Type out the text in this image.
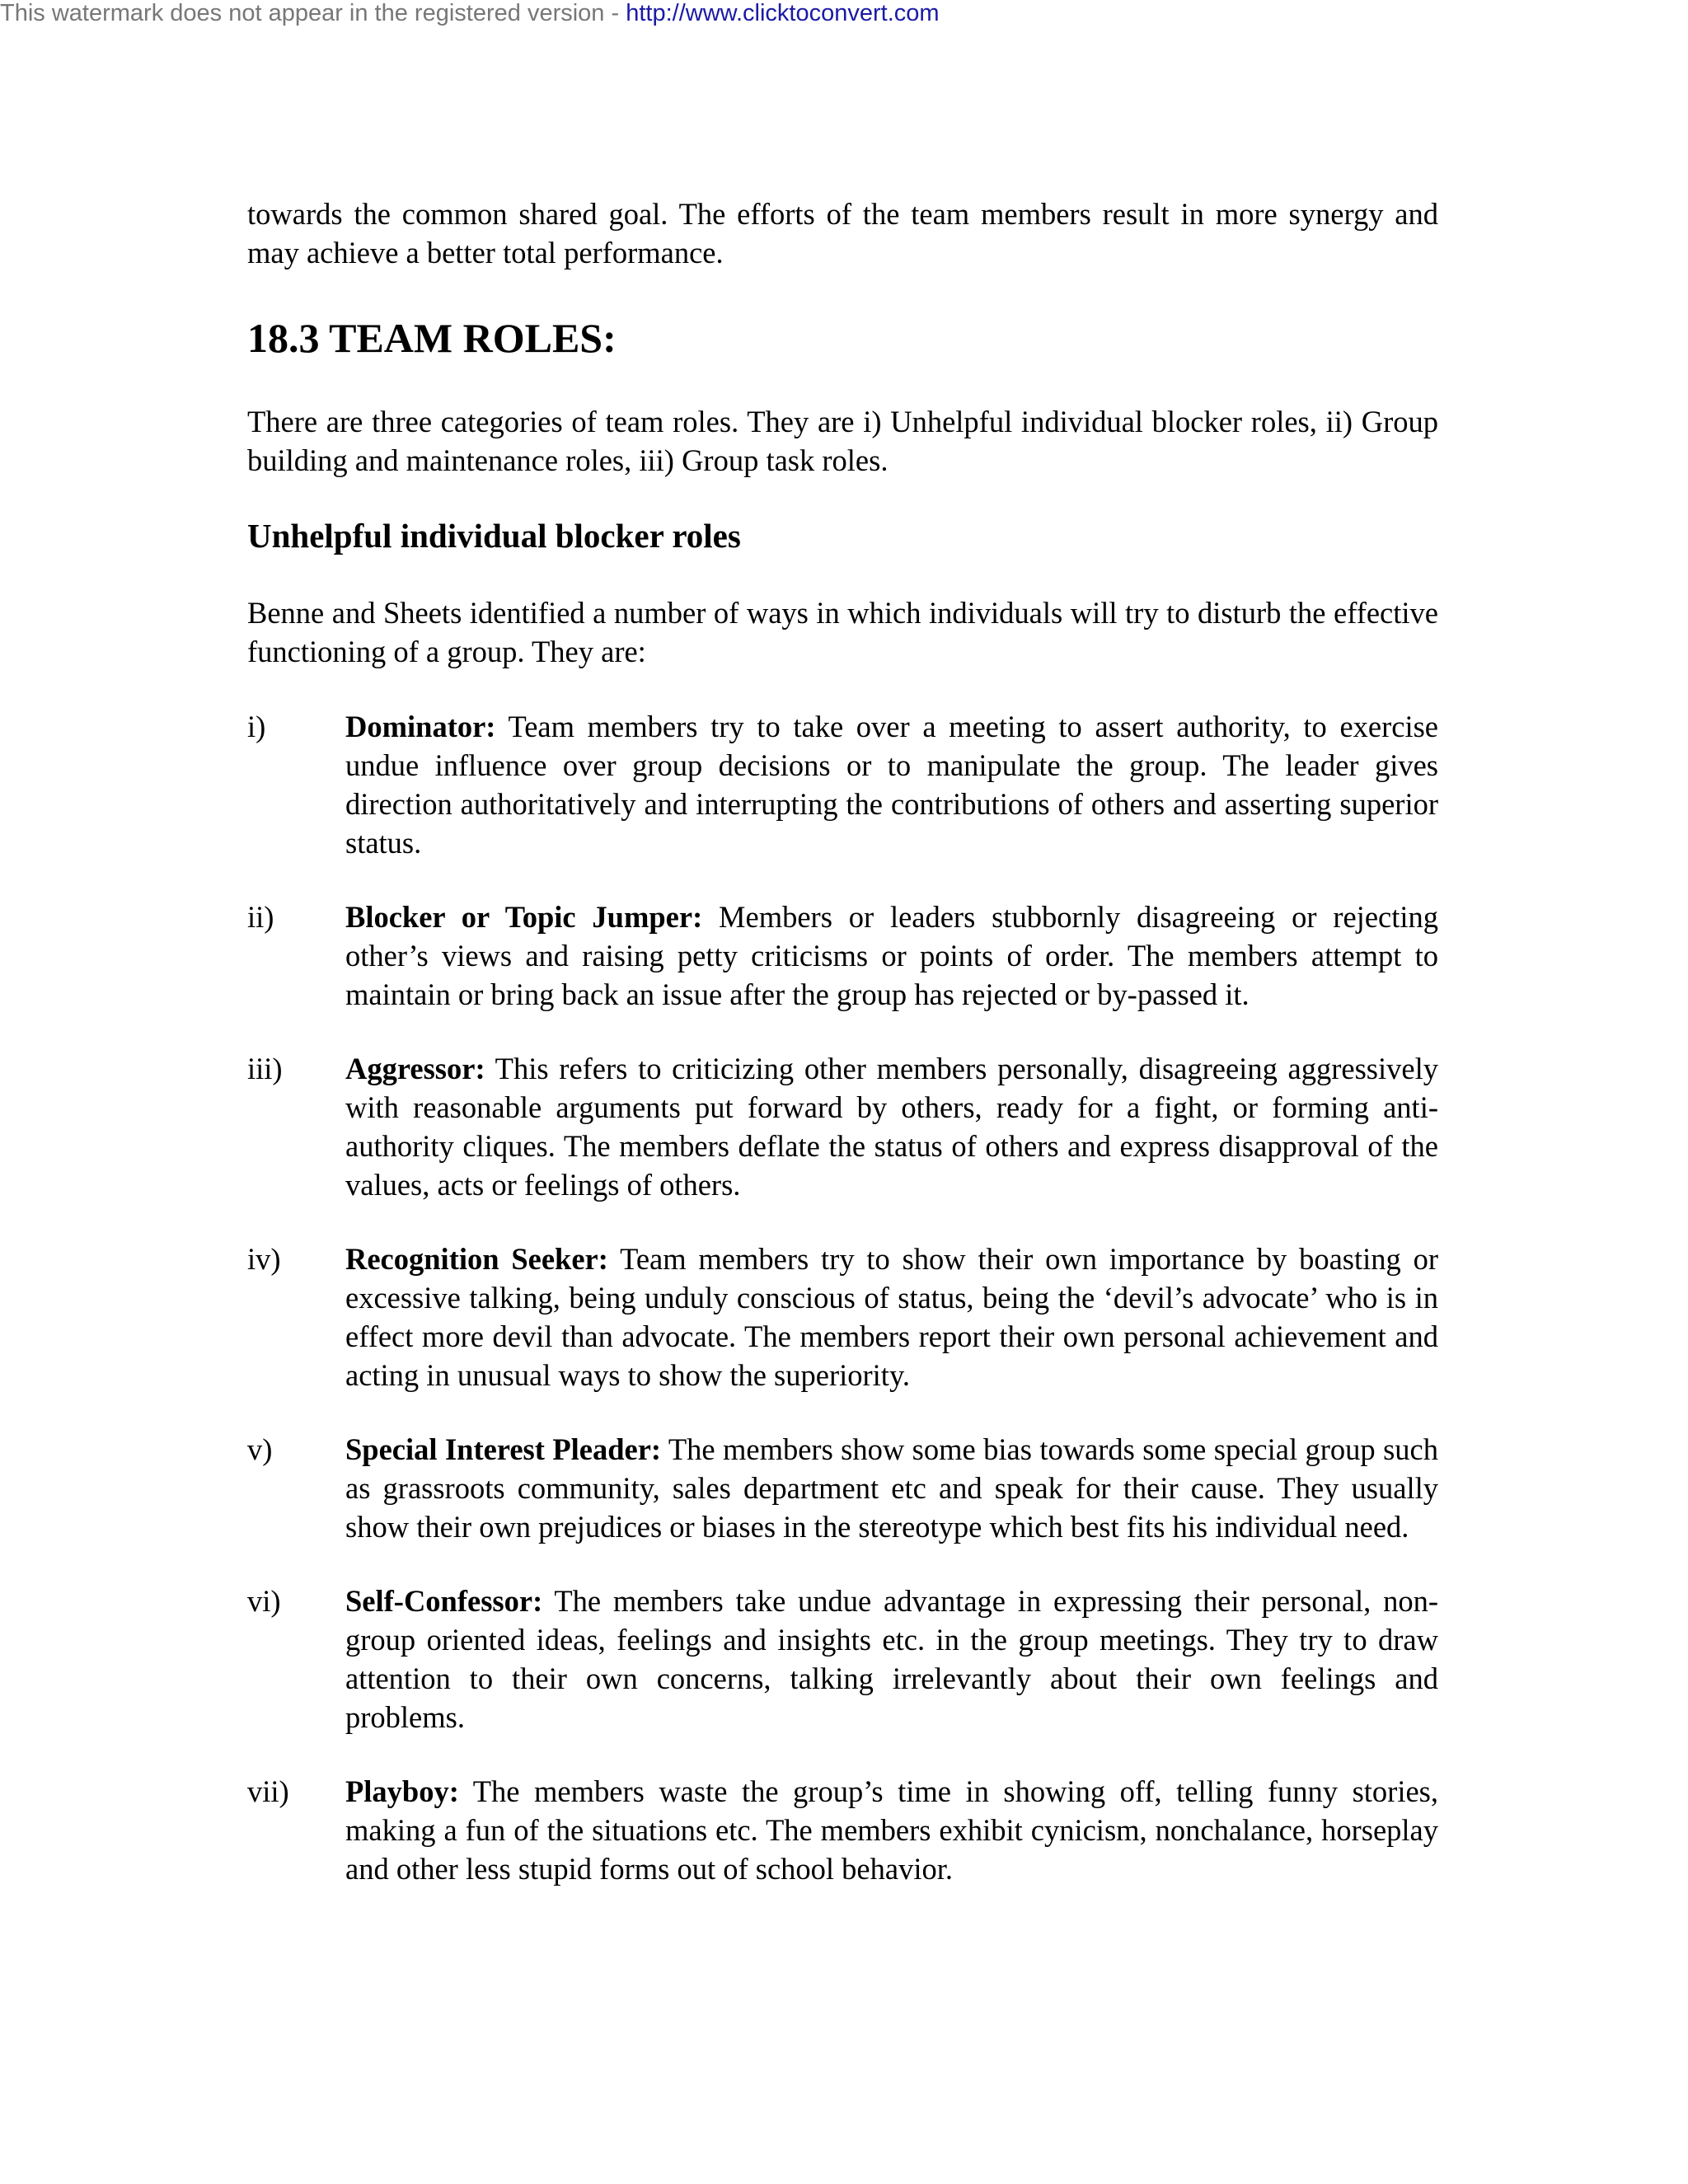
This watermark does not appear in the registered version - http://www.clicktoconvert.com

towards the common shared goal. The efforts of the team members result in more synergy and may achieve a better total performance.

18.3 TEAM ROLES:

There are three categories of team roles. They are i) Unhelpful individual blocker roles, ii) Group building and maintenance roles, iii) Group task roles.

Unhelpful individual blocker roles

Benne and Sheets identified a number of ways in which individuals will try to disturb the effective functioning of a group. They are:

i)	Dominator: Team members try to take over a meeting to assert authority, to exercise undue influence over group decisions or to manipulate the group. The leader gives direction authoritatively and interrupting the contributions of others and asserting superior status.
ii)	Blocker or Topic Jumper: Members or leaders stubbornly disagreeing or rejecting other’s views and raising petty criticisms or points of order. The members attempt to maintain or bring back an issue after the group has rejected or by-passed it.
iii)	Aggressor: This refers to criticizing other members personally, disagreeing aggressively with reasonable arguments put forward by others, ready for a fight, or forming anti-authority cliques. The members deflate the status of others and express disapproval of the values, acts or feelings of others.
iv)	Recognition Seeker: Team members try to show their own importance by boasting or excessive talking, being unduly conscious of status, being the ‘devil’s advocate’ who is in effect more devil than advocate. The members report their own personal achievement and acting in unusual ways to show the superiority.
v)	Special Interest Pleader: The members show some bias towards some special group such as grassroots community, sales department etc and speak for their cause. They usually show their own prejudices or biases in the stereotype which best fits his individual need.
vi)	Self-Confessor: The members take undue advantage in expressing their personal, non-group oriented ideas, feelings and insights etc. in the group meetings. They try to draw attention to their own concerns, talking irrelevantly about their own feelings and problems.
vii)	Playboy: The members waste the group’s time in showing off, telling funny stories, making a fun of the situations etc. The members exhibit cynicism, nonchalance, horseplay and other less stupid forms out of school behavior.
